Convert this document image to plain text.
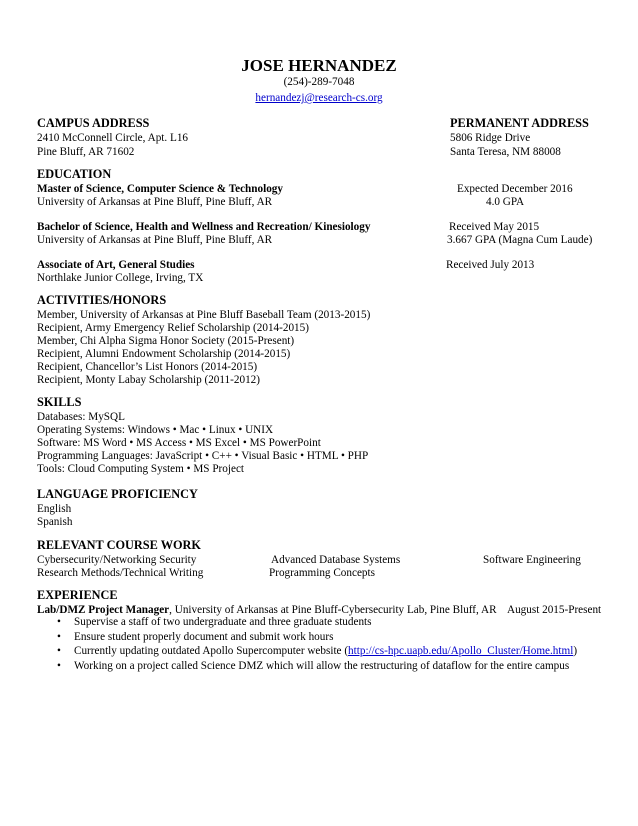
JOSE HERNANDEZ
(254)-289-7048
hernandezj@research-cs.org
CAMPUS ADDRESS
2410 McConnell Circle, Apt. L16
Pine Bluff, AR 71602
PERMANENT ADDRESS
5806 Ridge Drive
Santa Teresa, NM 88008
EDUCATION
Master of Science, Computer Science & Technology
University of Arkansas at Pine Bluff, Pine Bluff, AR
Expected December 2016
4.0 GPA
Bachelor of Science, Health and Wellness and Recreation/ Kinesiology
University of Arkansas at Pine Bluff, Pine Bluff, AR
Received May 2015
3.667 GPA (Magna Cum Laude)
Associate of Art, General Studies
Northlake Junior College, Irving, TX
Received July 2013
ACTIVITIES/HONORS
Member, University of Arkansas at Pine Bluff Baseball Team (2013-2015)
Recipient, Army Emergency Relief Scholarship (2014-2015)
Member, Chi Alpha Sigma Honor Society (2015-Present)
Recipient, Alumni Endowment Scholarship (2014-2015)
Recipient, Chancellor’s List Honors (2014-2015)
Recipient, Monty Labay Scholarship (2011-2012)
SKILLS
Databases: MySQL
Operating Systems: Windows • Mac • Linux • UNIX
Software: MS Word • MS Access • MS Excel • MS PowerPoint
Programming Languages: JavaScript • C++ • Visual Basic • HTML • PHP
Tools: Cloud Computing System • MS Project
LANGUAGE PROFICIENCY
English
Spanish
RELEVANT COURSE WORK
Cybersecurity/Networking Security
Research Methods/Technical Writing
Advanced Database Systems
Programming Concepts
Software Engineering
EXPERIENCE
Lab/DMZ Project Manager, University of Arkansas at Pine Bluff-Cybersecurity Lab, Pine Bluff, AR August 2015-Present
• Supervise a staff of two undergraduate and three graduate students
• Ensure student properly document and submit work hours
• Currently updating outdated Apollo Supercomputer website (http://cs-hpc.uapb.edu/Apollo_Cluster/Home.html)
• Working on a project called Science DMZ which will allow the restructuring of dataflow for the entire campus
